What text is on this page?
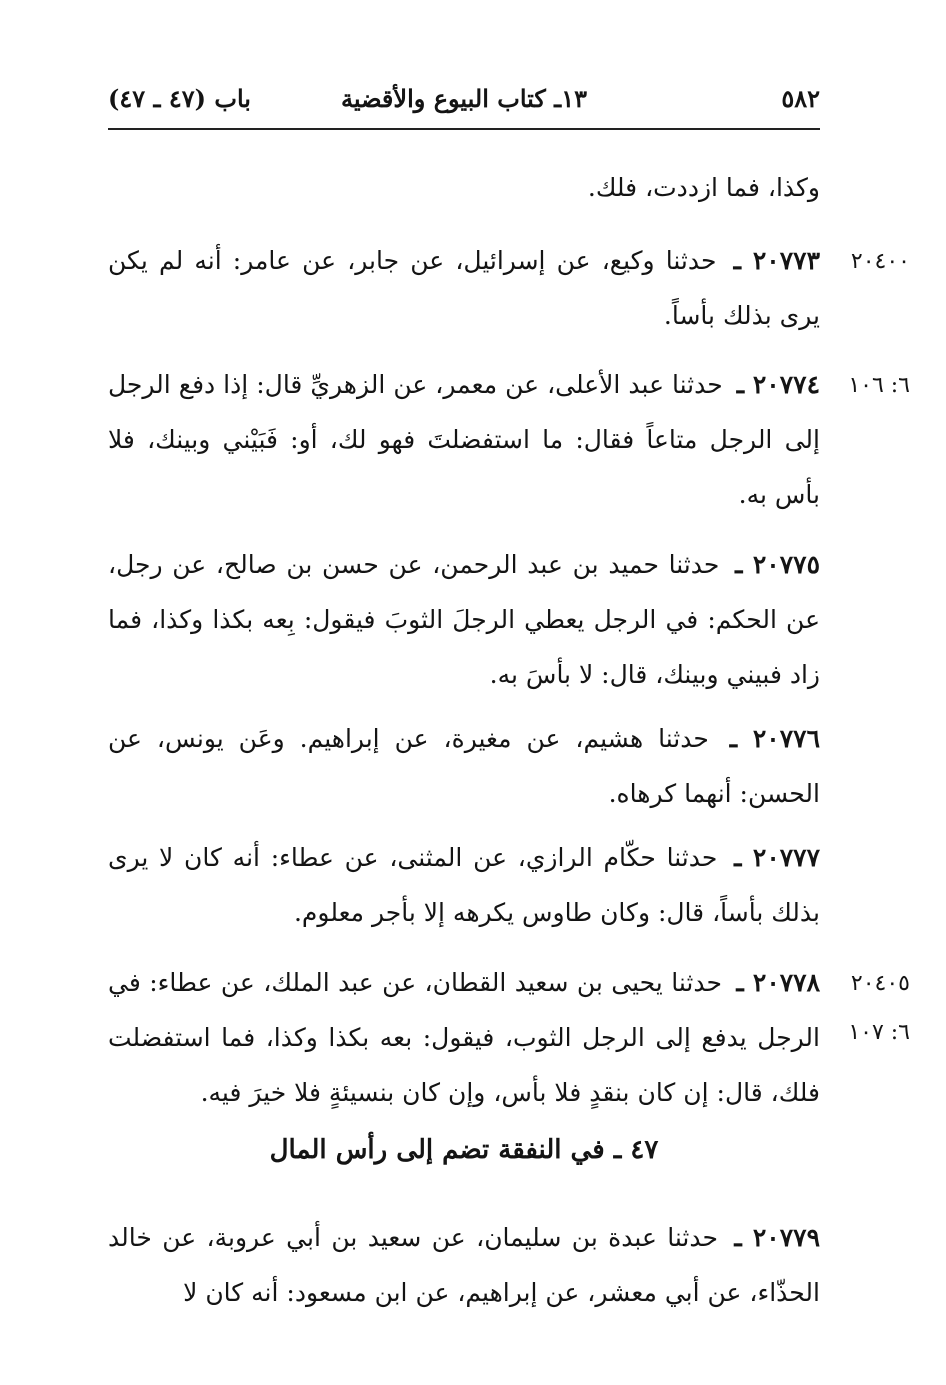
٥٨٢
١٣ـ كتاب البيوع والأقضية
باب (٤٧ ـ ٤٧)
وكذا، فما ازددت، فلك.
٢٠٧٧٣ ـ حدثنا وكيع، عن إسرائيل، عن جابر، عن عامر: أنه لم يكن يرى بذلك بأساً.
٢٠٧٧٤ ـ حدثنا عبد الأعلى، عن معمر، عن الزهريِّ قال: إذا دفع الرجل إلى الرجل متاعاً فقال: ما استفضلتَ فهو لك، أو: فَبَيْني وبينك، فلا بأس به.
٢٠٧٧٥ ـ حدثنا حميد بن عبد الرحمن، عن حسن بن صالح، عن رجل، عن الحكم: في الرجل يعطي الرجلَ الثوبَ فيقول: بِعه بكذا وكذا، فما زاد فبيني وبينك، قال: لا بأسَ به.
٢٠٧٧٦ ـ حدثنا هشيم، عن مغيرة، عن إبراهيم. وعَن يونس، عن الحسن: أنهما كرهاه.
٢٠٧٧٧ ـ حدثنا حكّام الرازي، عن المثنى، عن عطاء: أنه كان لا يرى بذلك بأساً، قال: وكان طاوس يكرهه إلا بأجر معلوم.
٢٠٧٧٨ ـ حدثنا يحيى بن سعيد القطان، عن عبد الملك، عن عطاء: في الرجل يدفع إلى الرجل الثوب، فيقول: بعه بكذا وكذا، فما استفضلت فلك، قال: إن كان بنقدٍ فلا بأس، وإن كان بنسيئةٍ فلا خيرَ فيه.
٤٧ ـ في النفقة تضم إلى رأس المال
٢٠٧٧٩ ـ حدثنا عبدة بن سليمان، عن سعيد بن أبي عروبة، عن خالد الحذّاء، عن أبي معشر، عن إبراهيم، عن ابن مسعود: أنه كان لا
٢٠٤٠٠
٦: ١٠٦
٢٠٤٠٥
٦: ١٠٧
